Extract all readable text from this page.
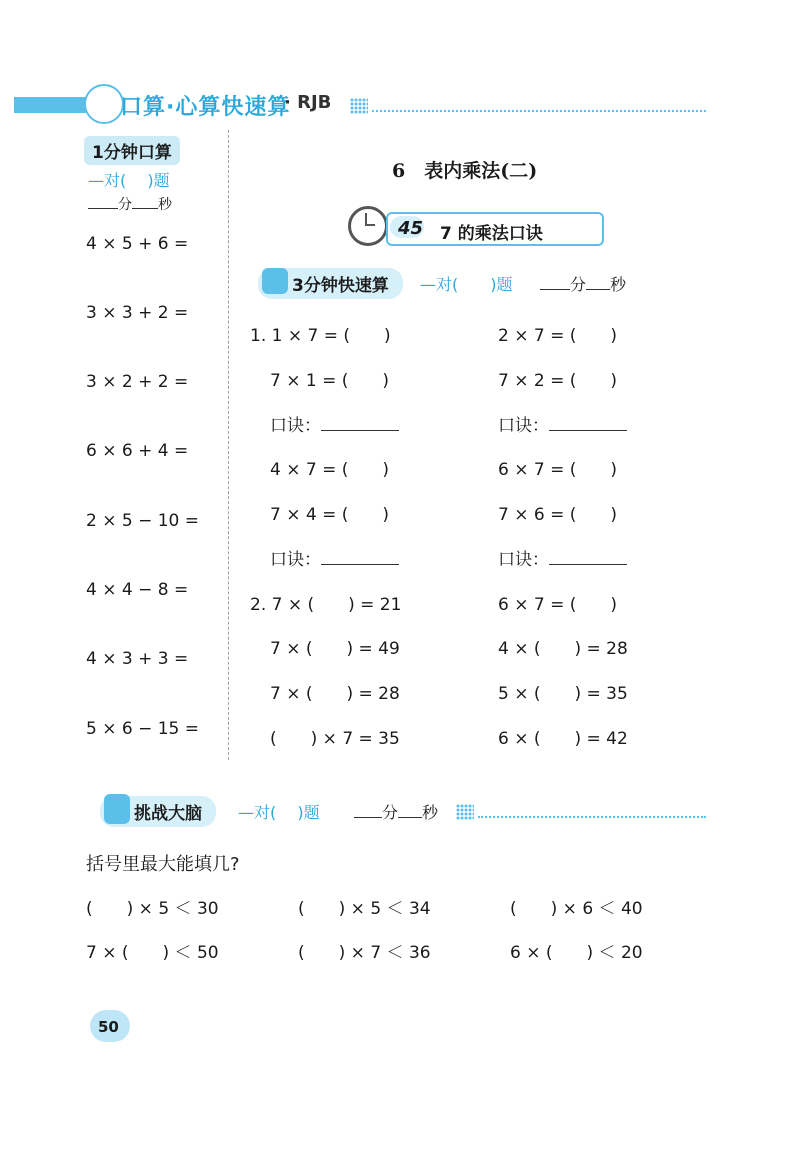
口算·心算快速算
· RJB
1分钟口算
—对(　 )题
分 秒
4 × 5 + 6 =
3 × 3 + 2 =
3 × 2 + 2 =
6 × 6 + 4 =
2 × 5 − 10 =
4 × 4 − 8 =
4 × 3 + 3 =
5 × 6 − 15 =
6　表内乘法(二)
45 7 的乘法口诀
3分钟快速算	—对(　　)题	分 秒
1. 1 × 7 = (　　)	2 × 7 = (　　)
7 × 1 = (　　)	7 × 2 = (　　)
口诀：	口诀：
4 × 7 = (　　)	6 × 7 = (　　)
7 × 4 = (　　)	7 × 6 = (　　)
口诀：	口诀：
2. 7 × (　　) = 21	6 × 7 = (　　)
7 × (　　) = 49	4 × (　　) = 28
7 × (　　) = 28	5 × (　　) = 35
(　　) × 7 = 35	6 × (　　) = 42
挑战大脑	—对(　 )题	分 秒
括号里最大能填几?
(　　) × 5 ＜ 30	(　　) × 5 ＜ 34	(　　) × 6 ＜ 40
7 × (　　) ＜ 50	(　　) × 7 ＜ 36	6 × (　　) ＜ 20
50
